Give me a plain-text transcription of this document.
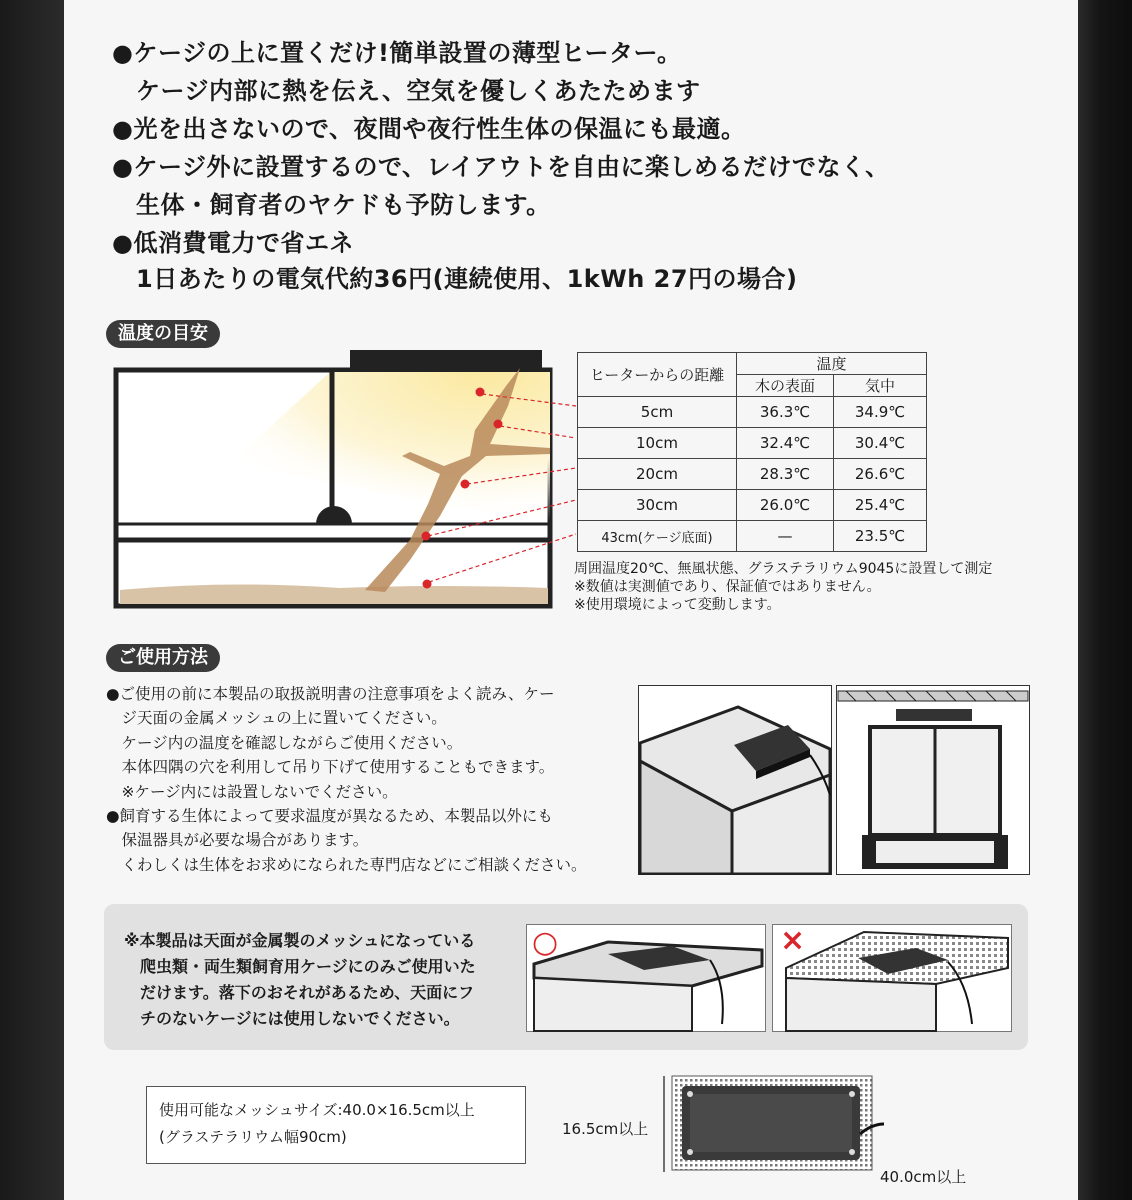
●ケージの上に置くだけ!簡単設置の薄型ヒーター。
ケージ内部に熱を伝え、空気を優しくあたためます
●光を出さないので、夜間や夜行性生体の保温にも最適。
●ケージ外に設置するので、レイアウトを自由に楽しめるだけでなく、
生体・飼育者のヤケドも予防します。
●低消費電力で省エネ
1日あたりの電気代約36円(連続使用、1kWh 27円の場合)
温度の目安
ヒーターからの距離	温度	
	木の表面	気中
5cm	36.3℃	34.9℃
10cm	32.4℃	30.4℃
20cm	28.3℃	26.6℃
30cm	26.0℃	25.4℃
43cm(ケージ底面)	—	23.5℃
周囲温度20℃、無風状態、グラステラリウム9045に設置して測定
※数値は実測値であり、保証値ではありません。
※使用環境によって変動します。
ご使用方法
●ご使用の前に本製品の取扱説明書の注意事項をよく読み、ケー
　ジ天面の金属メッシュの上に置いてください。
　ケージ内の温度を確認しながらご使用ください。
　本体四隅の穴を利用して吊り下げて使用することもできます。
　※ケージ内には設置しないでください。
●飼育する生体によって要求温度が異なるため、本製品以外にも
　保温器具が必要な場合があります。
　くわしくは生体をお求めになられた専門店などにご相談ください。
※本製品は天面が金属製のメッシュになっている
　爬虫類・両生類飼育用ケージにのみご使用いた
　だけます。落下のおそれがあるため、天面にフ
　チのないケージには使用しないでください。
○	×
使用可能なメッシュサイズ:40.0×16.5cm以上
(グラステラリウム幅90cm)	16.5cm以上
40.0cm以上
